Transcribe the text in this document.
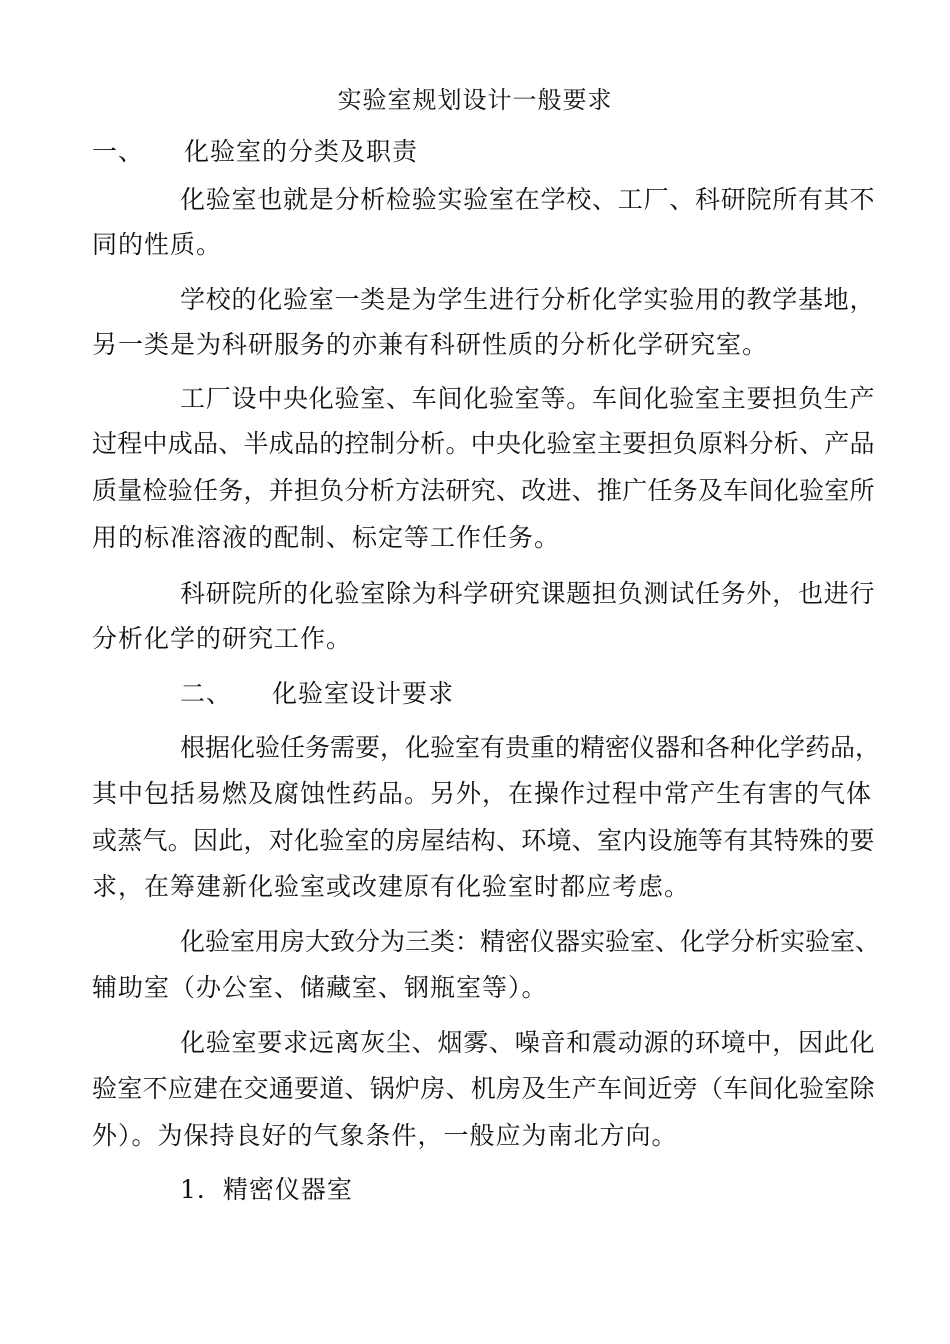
实验室规划设计一般要求
一、 化验室的分类及职责
化验室也就是分析检验实验室在学校、工厂、科研院所有其不
同的性质。
学校的化验室一类是为学生进行分析化学实验用的教学基地，
另一类是为科研服务的亦兼有科研性质的分析化学研究室。
工厂设中央化验室、车间化验室等。车间化验室主要担负生产
过程中成品、半成品的控制分析。中央化验室主要担负原料分析、产品
质量检验任务，并担负分析方法研究、改进、推广任务及车间化验室所
用的标准溶液的配制、标定等工作任务。
科研院所的化验室除为科学研究课题担负测试任务外，也进行
分析化学的研究工作。
二、 化验室设计要求
根据化验任务需要，化验室有贵重的精密仪器和各种化学药品，
其中包括易燃及腐蚀性药品。另外，在操作过程中常产生有害的气体
或蒸气。因此，对化验室的房屋结构、环境、室内设施等有其特殊的要
求，在筹建新化验室或改建原有化验室时都应考虑。
化验室用房大致分为三类：精密仪器实验室、化学分析实验室、
辅助室（办公室、储藏室、钢瓶室等）。
化验室要求远离灰尘、烟雾、噪音和震动源的环境中，因此化
验室不应建在交通要道、锅炉房、机房及生产车间近旁（车间化验室除
外）。为保持良好的气象条件，一般应为南北方向。
1．精密仪器室
